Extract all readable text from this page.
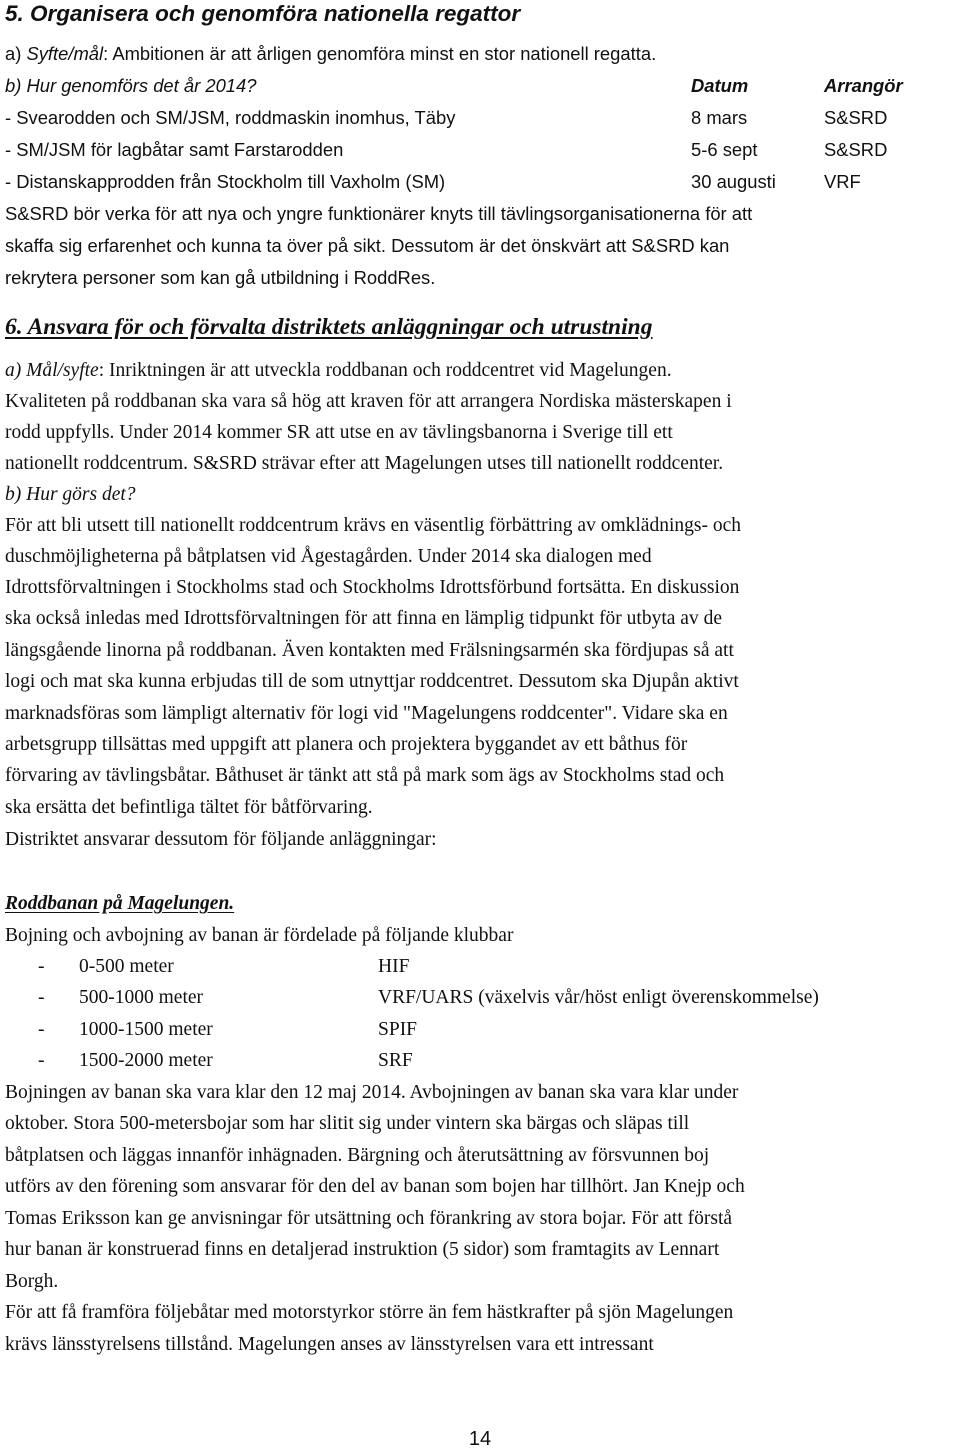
5. Organisera och genomföra nationella regattor
a) Syfte/mål: Ambitionen är att årligen genomföra minst en stor nationell regatta.
b) Hur genomförs det år 2014?	Datum	Arrangör
- Svearodden och SM/JSM, roddmaskin inomhus, Täby	8 mars	S&SRD
- SM/JSM för lagbåtar samt Farstarodden	5-6 sept	S&SRD
- Distanskapprodden från Stockholm till Vaxholm (SM)	30 augusti	VRF
S&SRD bör verka för att nya och yngre funktionärer knyts till tävlingsorganisationerna för att
skaffa sig erfarenhet och kunna ta över på sikt. Dessutom är det önskvärt att S&SRD kan
rekrytera personer som kan gå utbildning i RoddRes.
6. Ansvara för och förvalta distriktets anläggningar och utrustning
a) Mål/syfte: Inriktningen är att utveckla roddbanan och roddcentret vid Magelungen.
Kvaliteten på roddbanan ska vara så hög att kraven för att arrangera Nordiska mästerskapen i
rodd uppfylls. Under 2014 kommer SR att utse en av tävlingsbanorna i Sverige till ett
nationellt roddcentrum. S&SRD strävar efter att Magelungen utses till nationellt roddcenter.
b) Hur görs det?
För att bli utsett till nationellt roddcentrum krävs en väsentlig förbättring av omklädnings- och
duschmöjligheterna på båtplatsen vid Ågestagården. Under 2014 ska dialogen med
Idrottsförvaltningen i Stockholms stad och Stockholms Idrottsförbund fortsätta. En diskussion
ska också inledas med Idrottsförvaltningen för att finna en lämplig tidpunkt för utbyta av de
längsgående linorna på roddbanan. Även kontakten med Frälsningsarmén ska fördjupas så att
logi och mat ska kunna erbjudas till de som utnyttjar roddcentret. Dessutom ska Djupån aktivt
marknadsföras som lämpligt alternativ för logi vid "Magelungens roddcenter". Vidare ska en
arbetsgrupp tillsättas med uppgift att planera och projektera byggandet av ett båthus för
förvaring av tävlingsbåtar. Båthuset är tänkt att stå på mark som ägs av Stockholms stad och
ska ersätta det befintliga tältet för båtförvaring.
Distriktet ansvarar dessutom för följande anläggningar:
Roddbanan på Magelungen.
Bojning och avbojning av banan är fördelade på följande klubbar
- 0-500 meter	HIF
- 500-1000 meter	VRF/UARS (växelvis vår/höst enligt överenskommelse)
- 1000-1500 meter	SPIF
- 1500-2000 meter	SRF
Bojningen av banan ska vara klar den 12 maj 2014. Avbojningen av banan ska vara klar under
oktober. Stora 500-metersbojar som har slitit sig under vintern ska bärgas och släpas till
båtplatsen och läggas innanför inhägnaden. Bärgning och återutsättning av försvunnen boj
utförs av den förening som ansvarar för den del av banan som bojen har tillhört. Jan Knejp och
Tomas Eriksson kan ge anvisningar för utsättning och förankring av stora bojar. För att förstå
hur banan är konstruerad finns en detaljerad instruktion (5 sidor) som framtagits av Lennart
Borgh.
För att få framföra följebåtar med motorstyrkor större än fem hästkrafter på sjön Magelungen
krävs länsstyrelsens tillstånd. Magelungen anses av länsstyrelsen vara ett intressant
14
